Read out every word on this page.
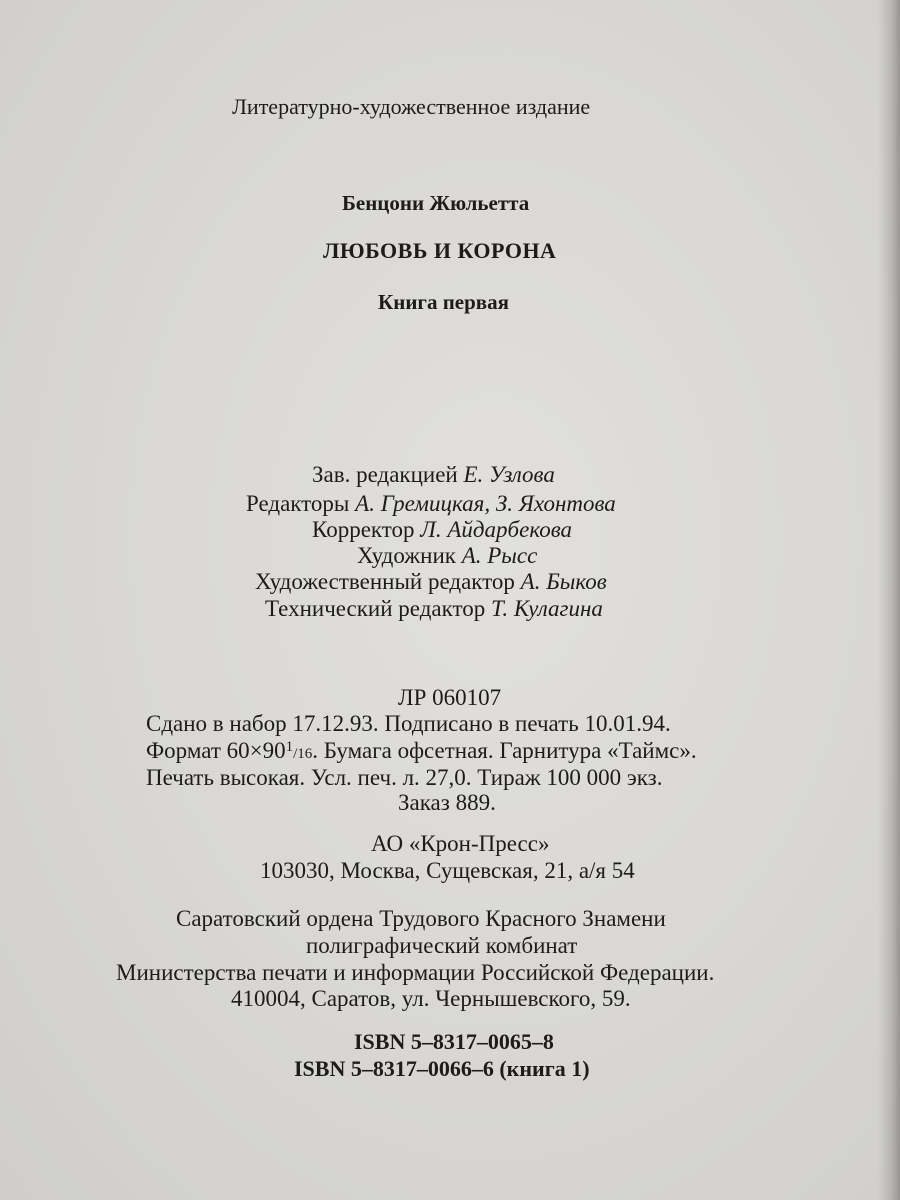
Литературно-художественное издание
Бенцони Жюльетта
ЛЮБОВЬ И КОРОНА
Книга первая
Зав. редакцией Е. Узлова
Редакторы А. Гремицкая, З. Яхонтова
Корректор Л. Айдарбекова
Художник А. Рысс
Художественный редактор А. Быков
Технический редактор Т. Кулагина
ЛР 060107
Сдано в набор 17.12.93. Подписано в печать 10.01.94.
Формат $60\times 90^1/16$. Бумага офсетная. Гарнитура «Таймс».
Печать высокая. Усл. печ. л. 27,0. Тираж 100 000 экз.
Заказ 889.
АО «Крон-Пресс»
103030, Москва, Сущевская, 21, а/я 54
Саратовский ордена Трудового Красного Знамени
полиграфический комбинат
Министерства печати и информации Российской Федерации.
410004, Саратов, ул. Чернышевского, 59.
ISBN 5–8317–0065–8
ISBN 5–8317–0066–6 (книга 1)
